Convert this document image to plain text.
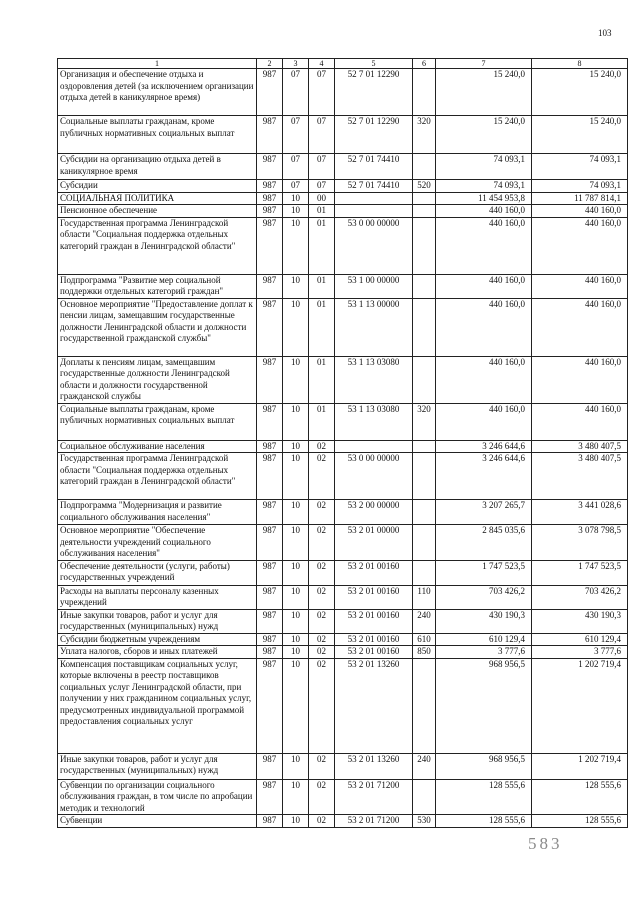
103
1	2	3	4	5	6	7	8
Организация и обеспечение отдыха и оздоровления детей (за исключением организации отдыха детей в каникулярное время)	987	07	07	52 7 01 12290		15 240,0	15 240,0
Социальные выплаты гражданам, кроме публичных нормативных социальных выплат	987	07	07	52 7 01 12290	320	15 240,0	15 240,0
Субсидии на организацию отдыха детей в каникулярное время	987	07	07	52 7 01 74410		74 093,1	74 093,1
Субсидии	987	07	07	52 7 01 74410	520	74 093,1	74 093,1
СОЦИАЛЬНАЯ ПОЛИТИКА	987	10	00			11 454 953,8	11 787 814,1
Пенсионное обеспечение	987	10	01			440 160,0	440 160,0
Государственная программа Ленинградской области "Социальная поддержка отдельных категорий граждан в Ленинградской области"	987	10	01	53 0 00 00000		440 160,0	440 160,0
Подпрограмма "Развитие мер социальной поддержки отдельных категорий граждан"	987	10	01	53 1 00 00000		440 160,0	440 160,0
Основное мероприятие "Предоставление доплат к пенсии лицам, замещавшим государственные должности Ленинградской области и должности государственной гражданской службы"	987	10	01	53 1 13 00000		440 160,0	440 160,0
Доплаты к пенсиям лицам, замещавшим государственные должности Ленинградской области и должности государственной гражданской службы	987	10	01	53 1 13 03080		440 160,0	440 160,0
Социальные выплаты гражданам, кроме публичных нормативных социальных выплат	987	10	01	53 1 13 03080	320	440 160,0	440 160,0
Социальное обслуживание населения	987	10	02			3 246 644,6	3 480 407,5
Государственная программа Ленинградской области "Социальная поддержка отдельных категорий граждан в Ленинградской области"	987	10	02	53 0 00 00000		3 246 644,6	3 480 407,5
Подпрограмма "Модернизация и развитие социального обслуживания населения"	987	10	02	53 2 00 00000		3 207 265,7	3 441 028,6
Основное мероприятие "Обеспечение деятельности учреждений социального обслуживания населения"	987	10	02	53 2 01 00000		2 845 035,6	3 078 798,5
Обеспечение деятельности (услуги, работы) государственных учреждений	987	10	02	53 2 01 00160		1 747 523,5	1 747 523,5
Расходы на выплаты персоналу казенных учреждений	987	10	02	53 2 01 00160	110	703 426,2	703 426,2
Иные закупки товаров, работ и услуг для государственных (муниципальных) нужд	987	10	02	53 2 01 00160	240	430 190,3	430 190,3
Субсидии бюджетным учреждениям	987	10	02	53 2 01 00160	610	610 129,4	610 129,4
Уплата налогов, сборов и иных платежей	987	10	02	53 2 01 00160	850	3 777,6	3 777,6
Компенсация поставщикам социальных услуг, которые включены в реестр поставщиков социальных услуг Ленинградской области, при получении у них гражданином социальных услуг, предусмотренных индивидуальной программой предоставления социальных услуг	987	10	02	53 2 01 13260		968 956,5	1 202 719,4
Иные закупки товаров, работ и услуг для государственных (муниципальных) нужд	987	10	02	53 2 01 13260	240	968 956,5	1 202 719,4
Субвенции по организации социального обслуживания граждан, в том числе по апробации методик и технологий	987	10	02	53 2 01 71200		128 555,6	128 555,6
Субвенции	987	10	02	53 2 01 71200	530	128 555,6	128 555,6
583
